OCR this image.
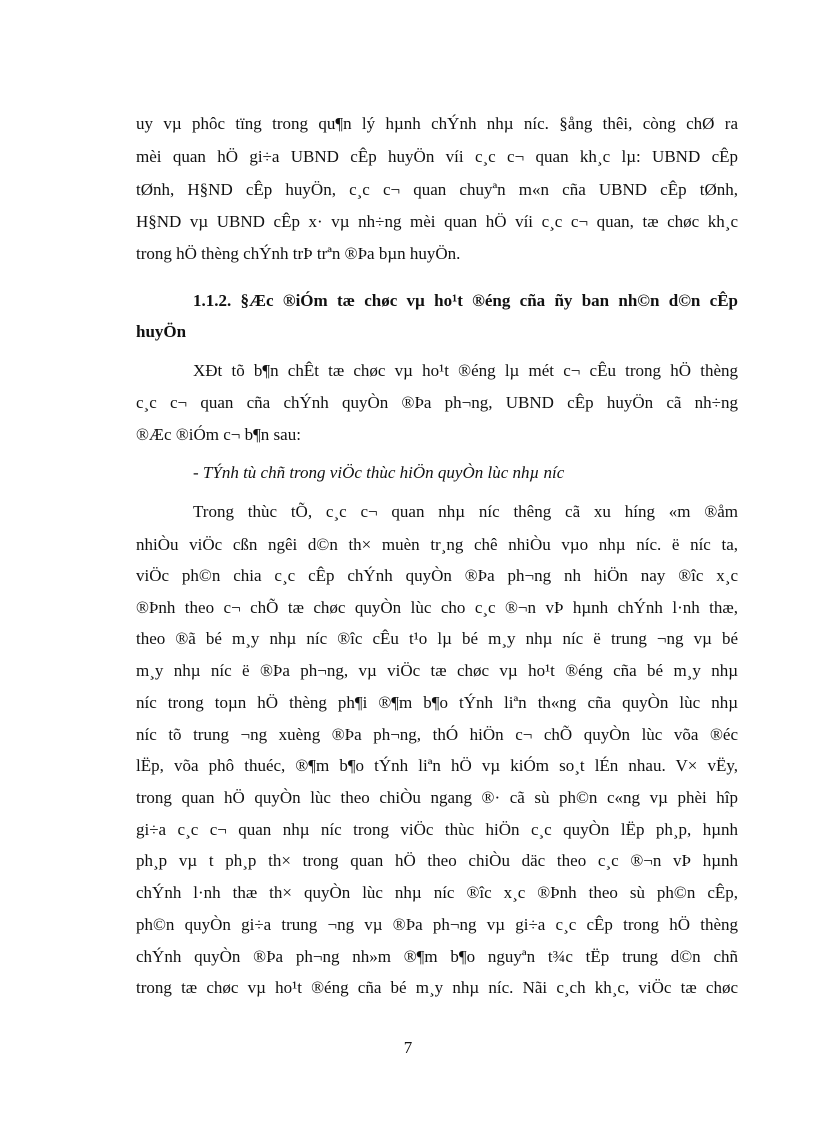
uy vµ phôc tïng trong qu¶n lý hµnh chÝnh nhµ níc. §ång thêi, còng chØ ra
mèi quan hÖ gi÷a UBND cÊp huyÖn víi c¸c c¬ quan kh¸c lµ: UBND cÊp
tØnh, H§ND cÊp huyÖn, c¸c c¬ quan chuyªn m«n cña UBND cÊp tØnh,
H§ND vµ UBND cÊp x· vµ nh÷ng mèi quan hÖ víi c¸c c¬ quan, tæ chøc kh¸c
trong hÖ thèng chÝnh trÞ trªn ®Þa bµn huyÖn.
1.1.2. §Æc ®iÓm tæ chøc vµ ho¹t ®éng cña ñy ban nh©n d©n cÊp
huyÖn
XÐt tõ b¶n chÊt tæ chøc vµ ho¹t ®éng lµ mét c¬ cÊu trong hÖ thèng
c¸c c¬ quan cña chÝnh quyÒn ®Þa ph¬ng, UBND cÊp huyÖn cã nh÷ng
®Æc ®iÓm c¬ b¶n sau:
- TÝnh tù chñ trong viÖc thùc hiÖn quyÒn lùc nhµ níc
Trong thùc tÕ, c¸c c¬ quan nhµ níc thêng cã xu híng «m ®åm
nhiÒu viÖc cßn ngêi d©n th× muèn tr¸ng chê nhiÒu vµo nhµ níc. ë níc ta,
viÖc ph©n chia c¸c cÊp chÝnh quyÒn ®Þa ph¬ng nh hiÖn nay ®îc x¸c
®Þnh theo c¬ chÕ tæ chøc quyÒn lùc cho c¸c ®¬n vÞ hµnh chÝnh l·nh thæ,
theo ®ã bé m¸y nhµ níc ®îc cÊu t¹o lµ bé m¸y nhµ níc ë trung ¬ng vµ bé
m¸y nhµ níc ë ®Þa ph¬ng, vµ viÖc tæ chøc vµ ho¹t ®éng cña bé m¸y nhµ
níc trong toµn hÖ thèng ph¶i ®¶m b¶o tÝnh liªn th«ng cña quyÒn lùc nhµ
níc tõ trung ¬ng xuèng ®Þa ph¬ng, thÓ hiÖn c¬ chÕ quyÒn lùc võa ®éc
lËp, võa phô thuéc, ®¶m b¶o tÝnh liªn hÖ vµ kiÓm so¸t lÉn nhau. V× vËy,
trong quan hÖ quyÒn lùc theo chiÒu ngang ®· cã sù ph©n c«ng vµ phèi hîp
gi÷a c¸c c¬ quan nhµ níc trong viÖc thùc hiÖn c¸c quyÒn lËp ph¸p, hµnh
ph¸p vµ t ph¸p th× trong quan hÖ theo chiÒu däc theo c¸c ®¬n vÞ hµnh
chÝnh l·nh thæ th× quyÒn lùc nhµ níc ®îc x¸c ®Þnh theo sù ph©n cÊp,
ph©n quyÒn gi÷a trung ¬ng vµ ®Þa ph¬ng vµ gi÷a c¸c cÊp trong hÖ thèng
chÝnh quyÒn ®Þa ph¬ng nh»m ®¶m b¶o nguyªn t¾c tËp trung d©n chñ
trong tæ chøc vµ ho¹t ®éng cña bé m¸y nhµ níc. Nãi c¸ch kh¸c, viÖc tæ chøc
7
